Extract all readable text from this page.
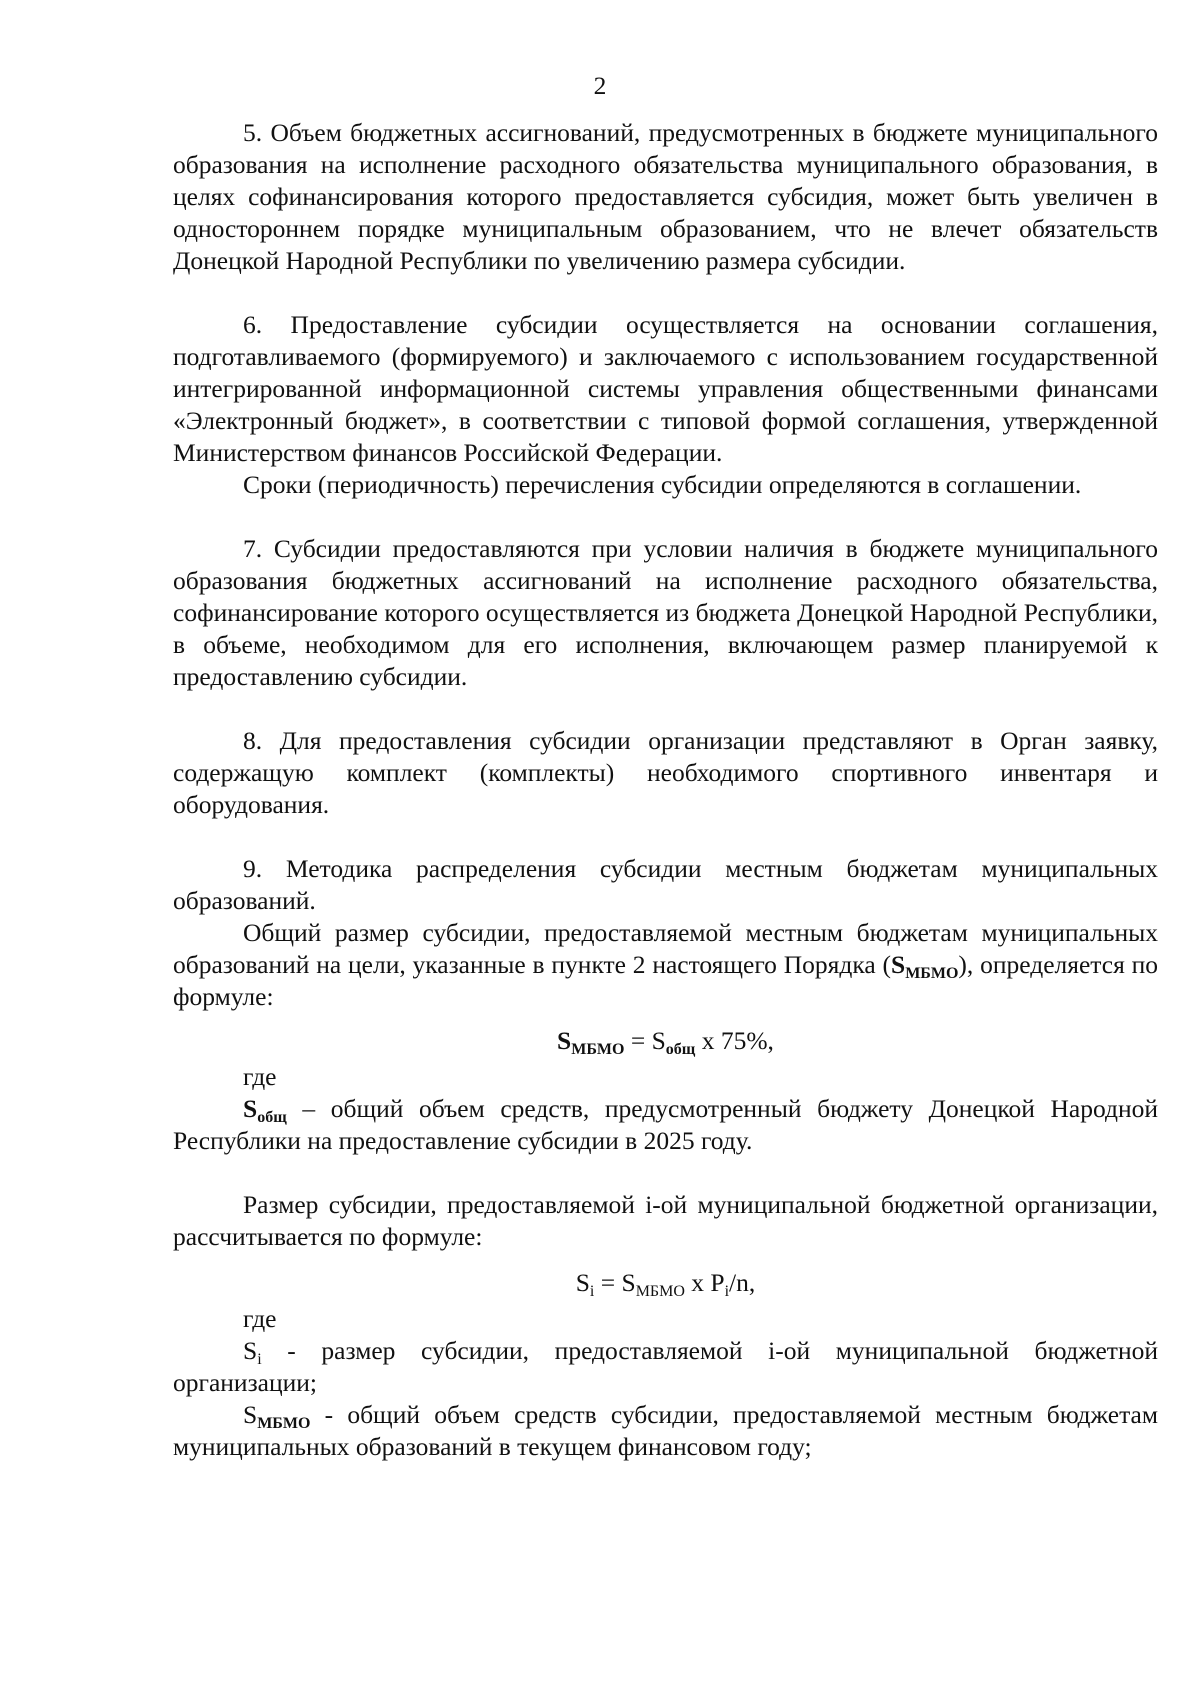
2

5. Объем бюджетных ассигнований, предусмотренных в бюджете муниципального образования на исполнение расходного обязательства муниципального образования, в целях софинансирования которого предоставляется субсидия, может быть увеличен в одностороннем порядке муниципальным образованием, что не влечет обязательств Донецкой Народной Республики по увеличению размера субсидии.

6. Предоставление субсидии осуществляется на основании соглашения, подготавливаемого (формируемого) и заключаемого с использованием государственной интегрированной информационной системы управления общественными финансами «Электронный бюджет», в соответствии с типовой формой соглашения, утвержденной Министерством финансов Российской Федерации.

Сроки (периодичность) перечисления субсидии определяются в соглашении.

7. Субсидии предоставляются при условии наличия в бюджете муниципального образования бюджетных ассигнований на исполнение расходного обязательства, софинансирование которого осуществляется из бюджета Донецкой Народной Республики, в объеме, необходимом для его исполнения, включающем размер планируемой к предоставлению субсидии.

8. Для предоставления субсидии организации представляют в Орган заявку, содержащую комплект (комплекты) необходимого спортивного инвентаря и оборудования.

9. Методика распределения субсидии местным бюджетам муниципальных образований.

Общий размер субсидии, предоставляемой местным бюджетам муниципальных образований на цели, указанные в пункте 2 настоящего Порядка $(S_{МБМО})$, определяется по формуле:

$S_{МБМО} = S_{общ}$ x 75%,

где

$S_{общ}$ – общий объем средств, предусмотренный бюджету Донецкой Народной Республики на предоставление субсидии в 2025 году.

Размер субсидии, предоставляемой i-ой муниципальной бюджетной организации, рассчитывается по формуле:

$S_i = S_{МБМО}$ x $P_i/n$,

где

$S_i$ - размер субсидии, предоставляемой i-ой муниципальной бюджетной организации;

$S_{МБМО}$ - общий объем средств субсидии, предоставляемой местным бюджетам муниципальных образований в текущем финансовом году;
